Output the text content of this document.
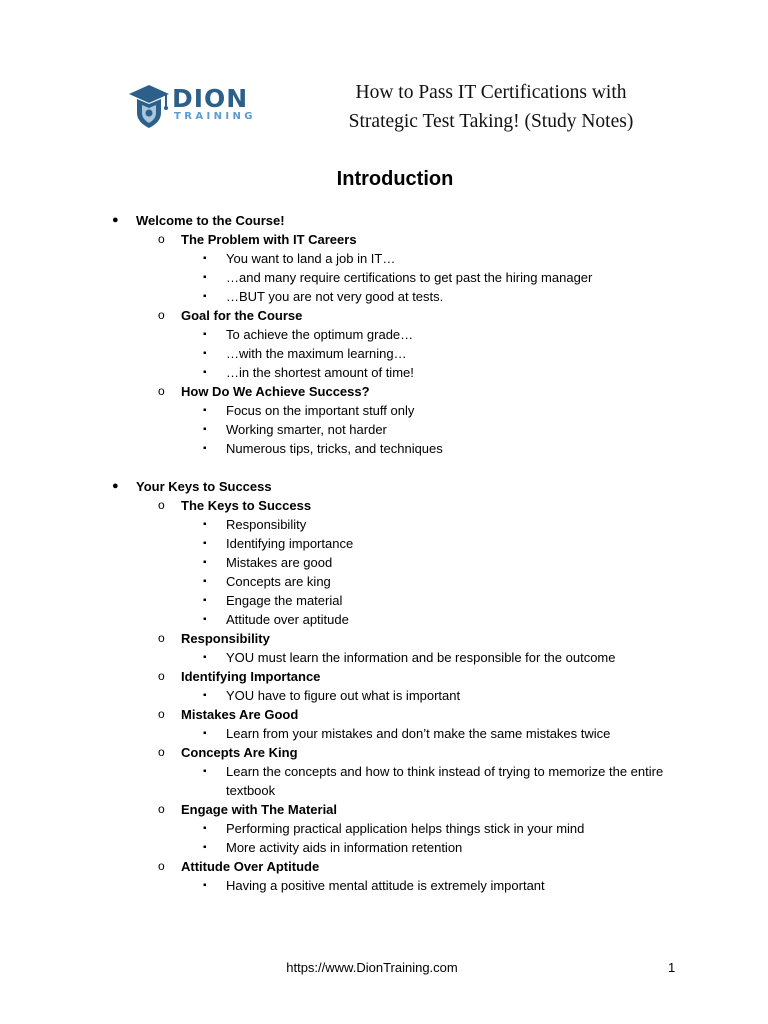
DION
TRAINING
How to Pass IT Certifications with
Strategic Test Taking! (Study Notes)
Introduction
● Welcome to the Course!
o The Problem with IT Careers
▪ You want to land a job in IT…
▪ …and many require certifications to get past the hiring manager
▪ …BUT you are not very good at tests.
o Goal for the Course
▪ To achieve the optimum grade…
▪ …with the maximum learning…
▪ …in the shortest amount of time!
o How Do We Achieve Success?
▪ Focus on the important stuff only
▪ Working smarter, not harder
▪ Numerous tips, tricks, and techniques
● Your Keys to Success
o The Keys to Success
▪ Responsibility
▪ Identifying importance
▪ Mistakes are good
▪ Concepts are king
▪ Engage the material
▪ Attitude over aptitude
o Responsibility
▪ YOU must learn the information and be responsible for the outcome
o Identifying Importance
▪ YOU have to figure out what is important
o Mistakes Are Good
▪ Learn from your mistakes and don’t make the same mistakes twice
o Concepts Are King
▪ Learn the concepts and how to think instead of trying to memorize the entire textbook
o Engage with The Material
▪ Performing practical application helps things stick in your mind
▪ More activity aids in information retention
o Attitude Over Aptitude
▪ Having a positive mental attitude is extremely important
https://www.DionTraining.com	1
